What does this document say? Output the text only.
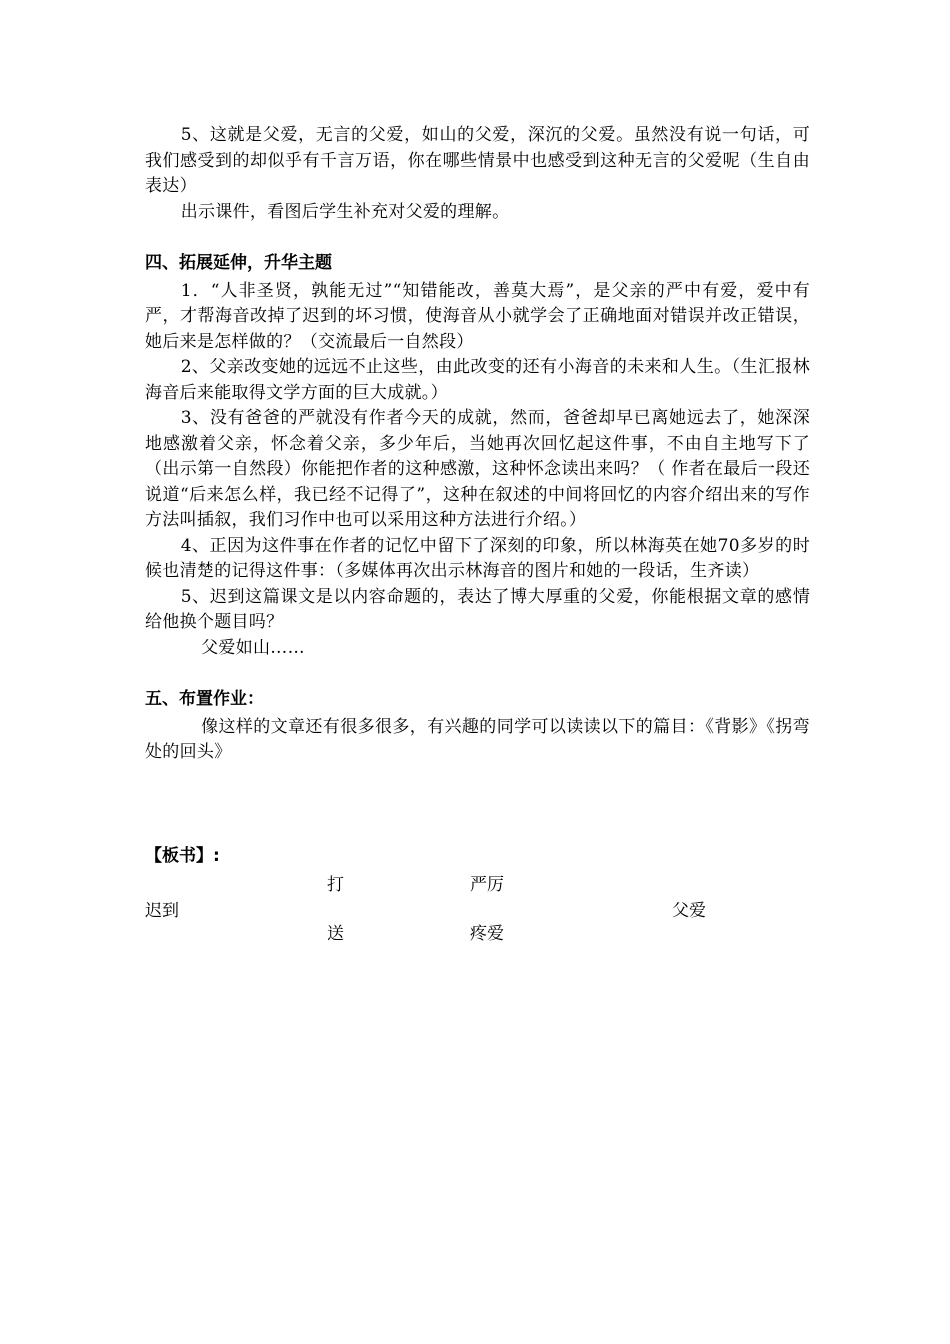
5、这就是父爱，无言的父爱，如山的父爱，深沉的父爱。虽然没有说一句话，可我们感受到的却似乎有千言万语，你在哪些情景中也感受到这种无言的父爱呢（生自由表达）

出示课件，看图后学生补充对父爱的理解。

四、拓展延伸，升华主题

1．“人非圣贤，孰能无过”“知错能改，善莫大焉”，是父亲的严中有爱，爱中有严，才帮海音改掉了迟到的坏习惯，使海音从小就学会了正确地面对错误并改正错误，她后来是怎样做的？（交流最后一自然段）

2、父亲改变她的远远不止这些，由此改变的还有小海音的未来和人生。（生汇报林海音后来能取得文学方面的巨大成就。）

3、没有爸爸的严就没有作者今天的成就，然而，爸爸却早已离她远去了，她深深地感激着父亲，怀念着父亲，多少年后，当她再次回忆起这件事，不由自主地写下了（出示第一自然段）你能把作者的这种感激，这种怀念读出来吗？（ 作者在最后一段还说道“后来怎么样，我已经不记得了”，这种在叙述的中间将回忆的内容介绍出来的写作方法叫插叙，我们习作中也可以采用这种方法进行介绍。）

4、正因为这件事在作者的记忆中留下了深刻的印象，所以林海英在她70多岁的时候也清楚的记得这件事：（多媒体再次出示林海音的图片和她的一段话，生齐读）

5、迟到这篇课文是以内容命题的，表达了博大厚重的父爱，你能根据文章的感情给他换个题目吗？

父爱如山……

五、布置作业：

像这样的文章还有很多很多，有兴趣的同学可以读读以下的篇目：《背影》《拐弯处的回头》

【板书】:
打	严厉
迟到	父爱
送	疼爱
